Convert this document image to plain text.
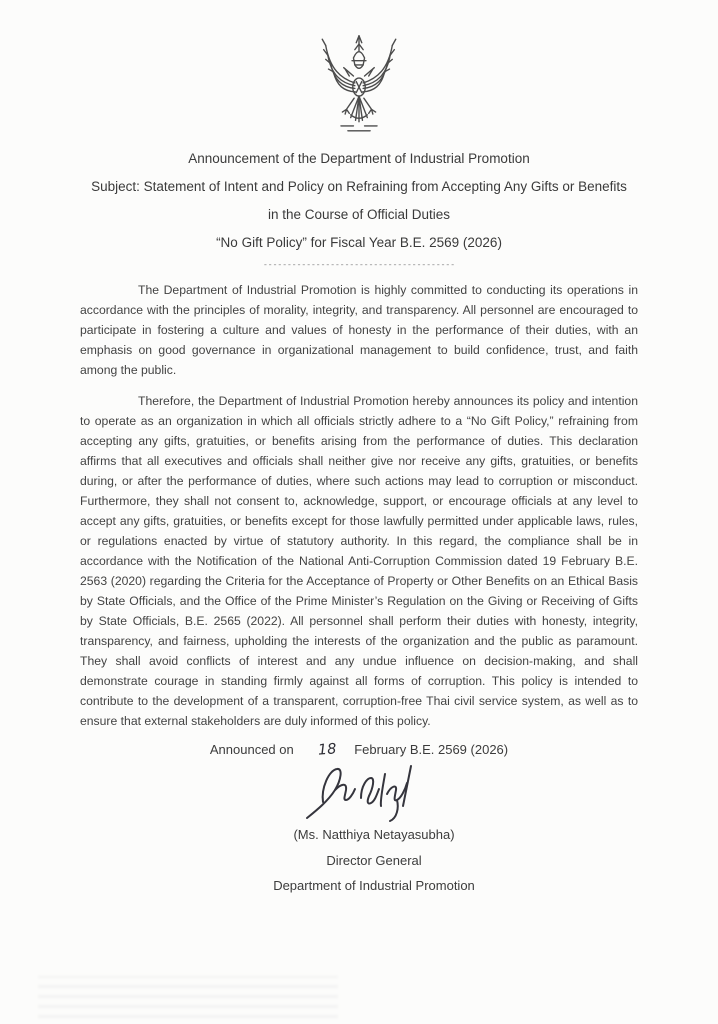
Announcement of the Department of Industrial Promotion
Subject: Statement of Intent and Policy on Refraining from Accepting Any Gifts or Benefits
in the Course of Official Duties
“No Gift Policy” for Fiscal Year B.E. 2569 (2026)
----------------------------------------

The Department of Industrial Promotion is highly committed to conducting its operations in accordance with the principles of morality, integrity, and transparency. All personnel are encouraged to participate in fostering a culture and values of honesty in the performance of their duties, with an emphasis on good governance in organizational management to build confidence, trust, and faith among the public.

Therefore, the Department of Industrial Promotion hereby announces its policy and intention to operate as an organization in which all officials strictly adhere to a “No Gift Policy,” refraining from accepting any gifts, gratuities, or benefits arising from the performance of duties. This declaration affirms that all executives and officials shall neither give nor receive any gifts, gratuities, or benefits during, or after the performance of duties, where such actions may lead to corruption or misconduct. Furthermore, they shall not consent to, acknowledge, support, or encourage officials at any level to accept any gifts, gratuities, or benefits except for those lawfully permitted under applicable laws, rules, or regulations enacted by virtue of statutory authority. In this regard, the compliance shall be in accordance with the Notification of the National Anti-Corruption Commission dated 19 February B.E. 2563 (2020) regarding the Criteria for the Acceptance of Property or Other Benefits on an Ethical Basis by State Officials, and the Office of the Prime Minister’s Regulation on the Giving or Receiving of Gifts by State Officials, B.E. 2565 (2022). All personnel shall perform their duties with honesty, integrity, transparency, and fairness, upholding the interests of the organization and the public as paramount. They shall avoid conflicts of interest and any undue influence on decision-making, and shall demonstrate courage in standing firmly against all forms of corruption. This policy is intended to contribute to the development of a transparent, corruption-free Thai civil service system, as well as to ensure that external stakeholders are duly informed of this policy.

Announced on 18 February B.E. 2569 (2026)
(Ms. Natthiya Netayasubha)
Director General
Department of Industrial Promotion
